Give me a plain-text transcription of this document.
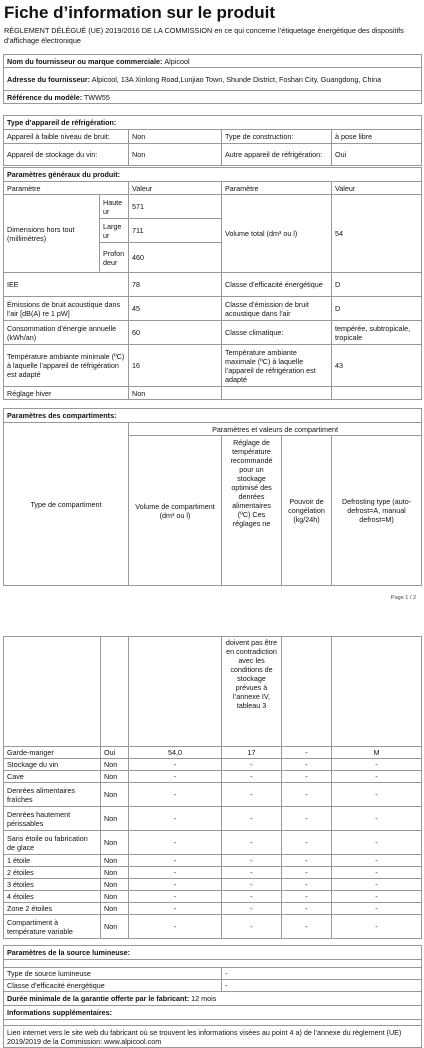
Fiche d’information sur le produit
RÈGLEMENT DÉLÉGUÉ (UE) 2019/2016 DE LA COMMISSION en ce qui concerne l’étiquetage énergétique des dispositifs d’affichage électronique
Nom du fournisseur ou marque commerciale: Alpicool
Adresse du fournisseur: Alpicool, 13A Xinlong Road,Lunjiao Town, Shunde District, Foshan City, Guangdong, China
Référence du modèle: TWW55
Type d’appareil de réfrigération:			
Appareil à faible niveau de bruit:	Non	Type de construction:	à pose libre
Appareil de stockage du vin:	Non	Autre appareil de réfrigération:	Oui
Paramètres généraux du produit:				
Paramètre		Valeur	Paramètre	Valeur
Dimensions hors tout (millimètres)	Hauteur	571	Volume total (dm³ ou l)	54
	Largeur	711		
	Profondeur	460		
IEE		78	Classe d’efficacité énergétique	D
Émissions de bruit acoustique dans l’air [dB(A) re 1 pW]		45	Classe d’émission de bruit acoustique dans l’air	D
Consommation d’énergie annuelle (kWh/an)		60	Classe climatique:	tempérée, subtropicale, tropicale
Température ambiante minimale (ºC) à laquelle l’appareil de réfrigération est adapté		16	Température ambiante maximale (ºC) à laquelle l’appareil de réfrigération est adapté	43
Réglage hiver		Non		
Paramètres des compartiments:				
Type de compartiment	Paramètres et valeurs de compartiment			
	Volume de compartiment (dm³ ou l)	Réglage de température recommandé pour un stockage optimisé des denrées alimentaires (ºC) Ces réglages ne	Pouvoir de congélation (kg/24h)	Defrosting type (auto-defrost=A, manual defrost=M)
Page 1 / 2
			doivent pas être en contradiction avec les conditions de stockage prévues à l’annexe IV, tableau 3		
Garde-manger	Oui	54,0	17	-	M
Stockage du vin	Non	-	-	-	-
Cave	Non	-	-	-	-
Denrées alimentaires fraîches	Non	-	-	-	-
Denrées hautement périssables	Non	-	-	-	-
Sans étoile ou fabrication de glace	Non	-	-	-	-
1 étoile	Non	-	-	-	-
2 étoiles	Non	-	-	-	-
3 étoiles	Non	-	-	-	-
4 étoiles	Non	-	-	-	-
Zone 2 étoiles	Non	-	-	-	-
Compartiment à température variable	Non	-	-	-	-
Paramètres de la source lumineuse:	

Type de source lumineuse	-
Classe d’efficacité énergétique	-
Durée minimale de la garantie offerte par le fabricant: 12 mois	
Informations supplémentaires:	

Lien internet vers le site web du fabricant où se trouvent les informations visées au point 4 a) de l’annexe du règlement (UE) 2019/2019 de la Commission: www.alpicool.com	
